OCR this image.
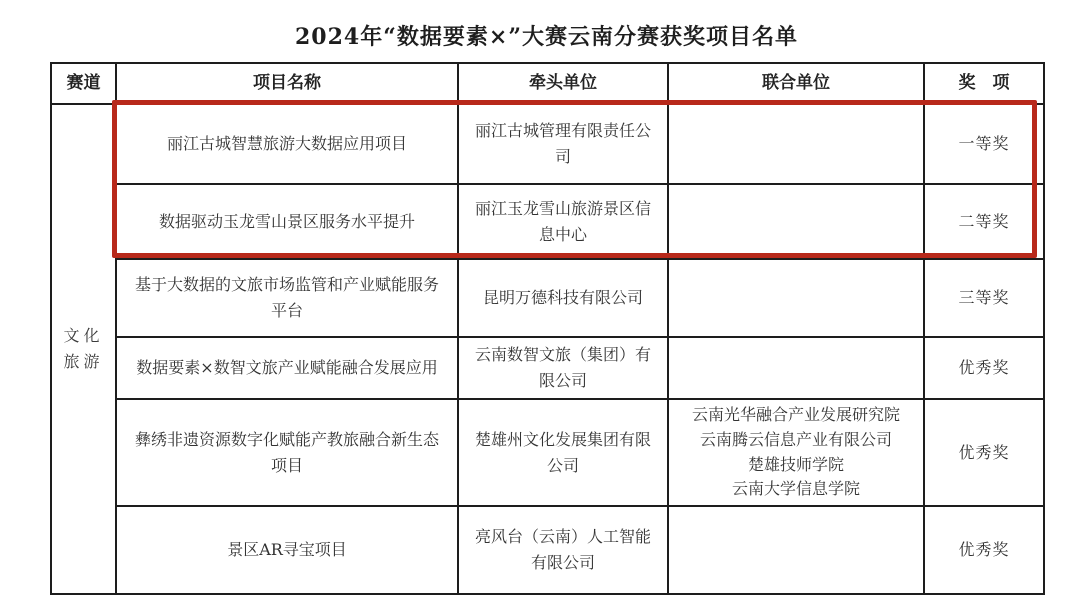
2024年“数据要素×”大赛云南分赛获奖项目名单
赛道	项目名称	牵头单位	联合单位	奖　项

文化
旅游	丽江古城智慧旅游大数据应用项目	丽江古城管理有限责任公司		一等奖
	数据驱动玉龙雪山景区服务水平提升	丽江玉龙雪山旅游景区信息中心		二等奖
	基于大数据的文旅市场监管和产业赋能服务平台	昆明万德科技有限公司		三等奖
	数据要素×数智文旅产业赋能融合发展应用	云南数智文旅（集团）有限公司		优秀奖
	彝绣非遗资源数字化赋能产教旅融合新生态项目	楚雄州文化发展集团有限公司	云南光华融合产业发展研究院
云南腾云信息产业有限公司
楚雄技师学院
云南大学信息学院	优秀奖
	景区AR寻宝项目	亮风台（云南）人工智能有限公司		优秀奖
